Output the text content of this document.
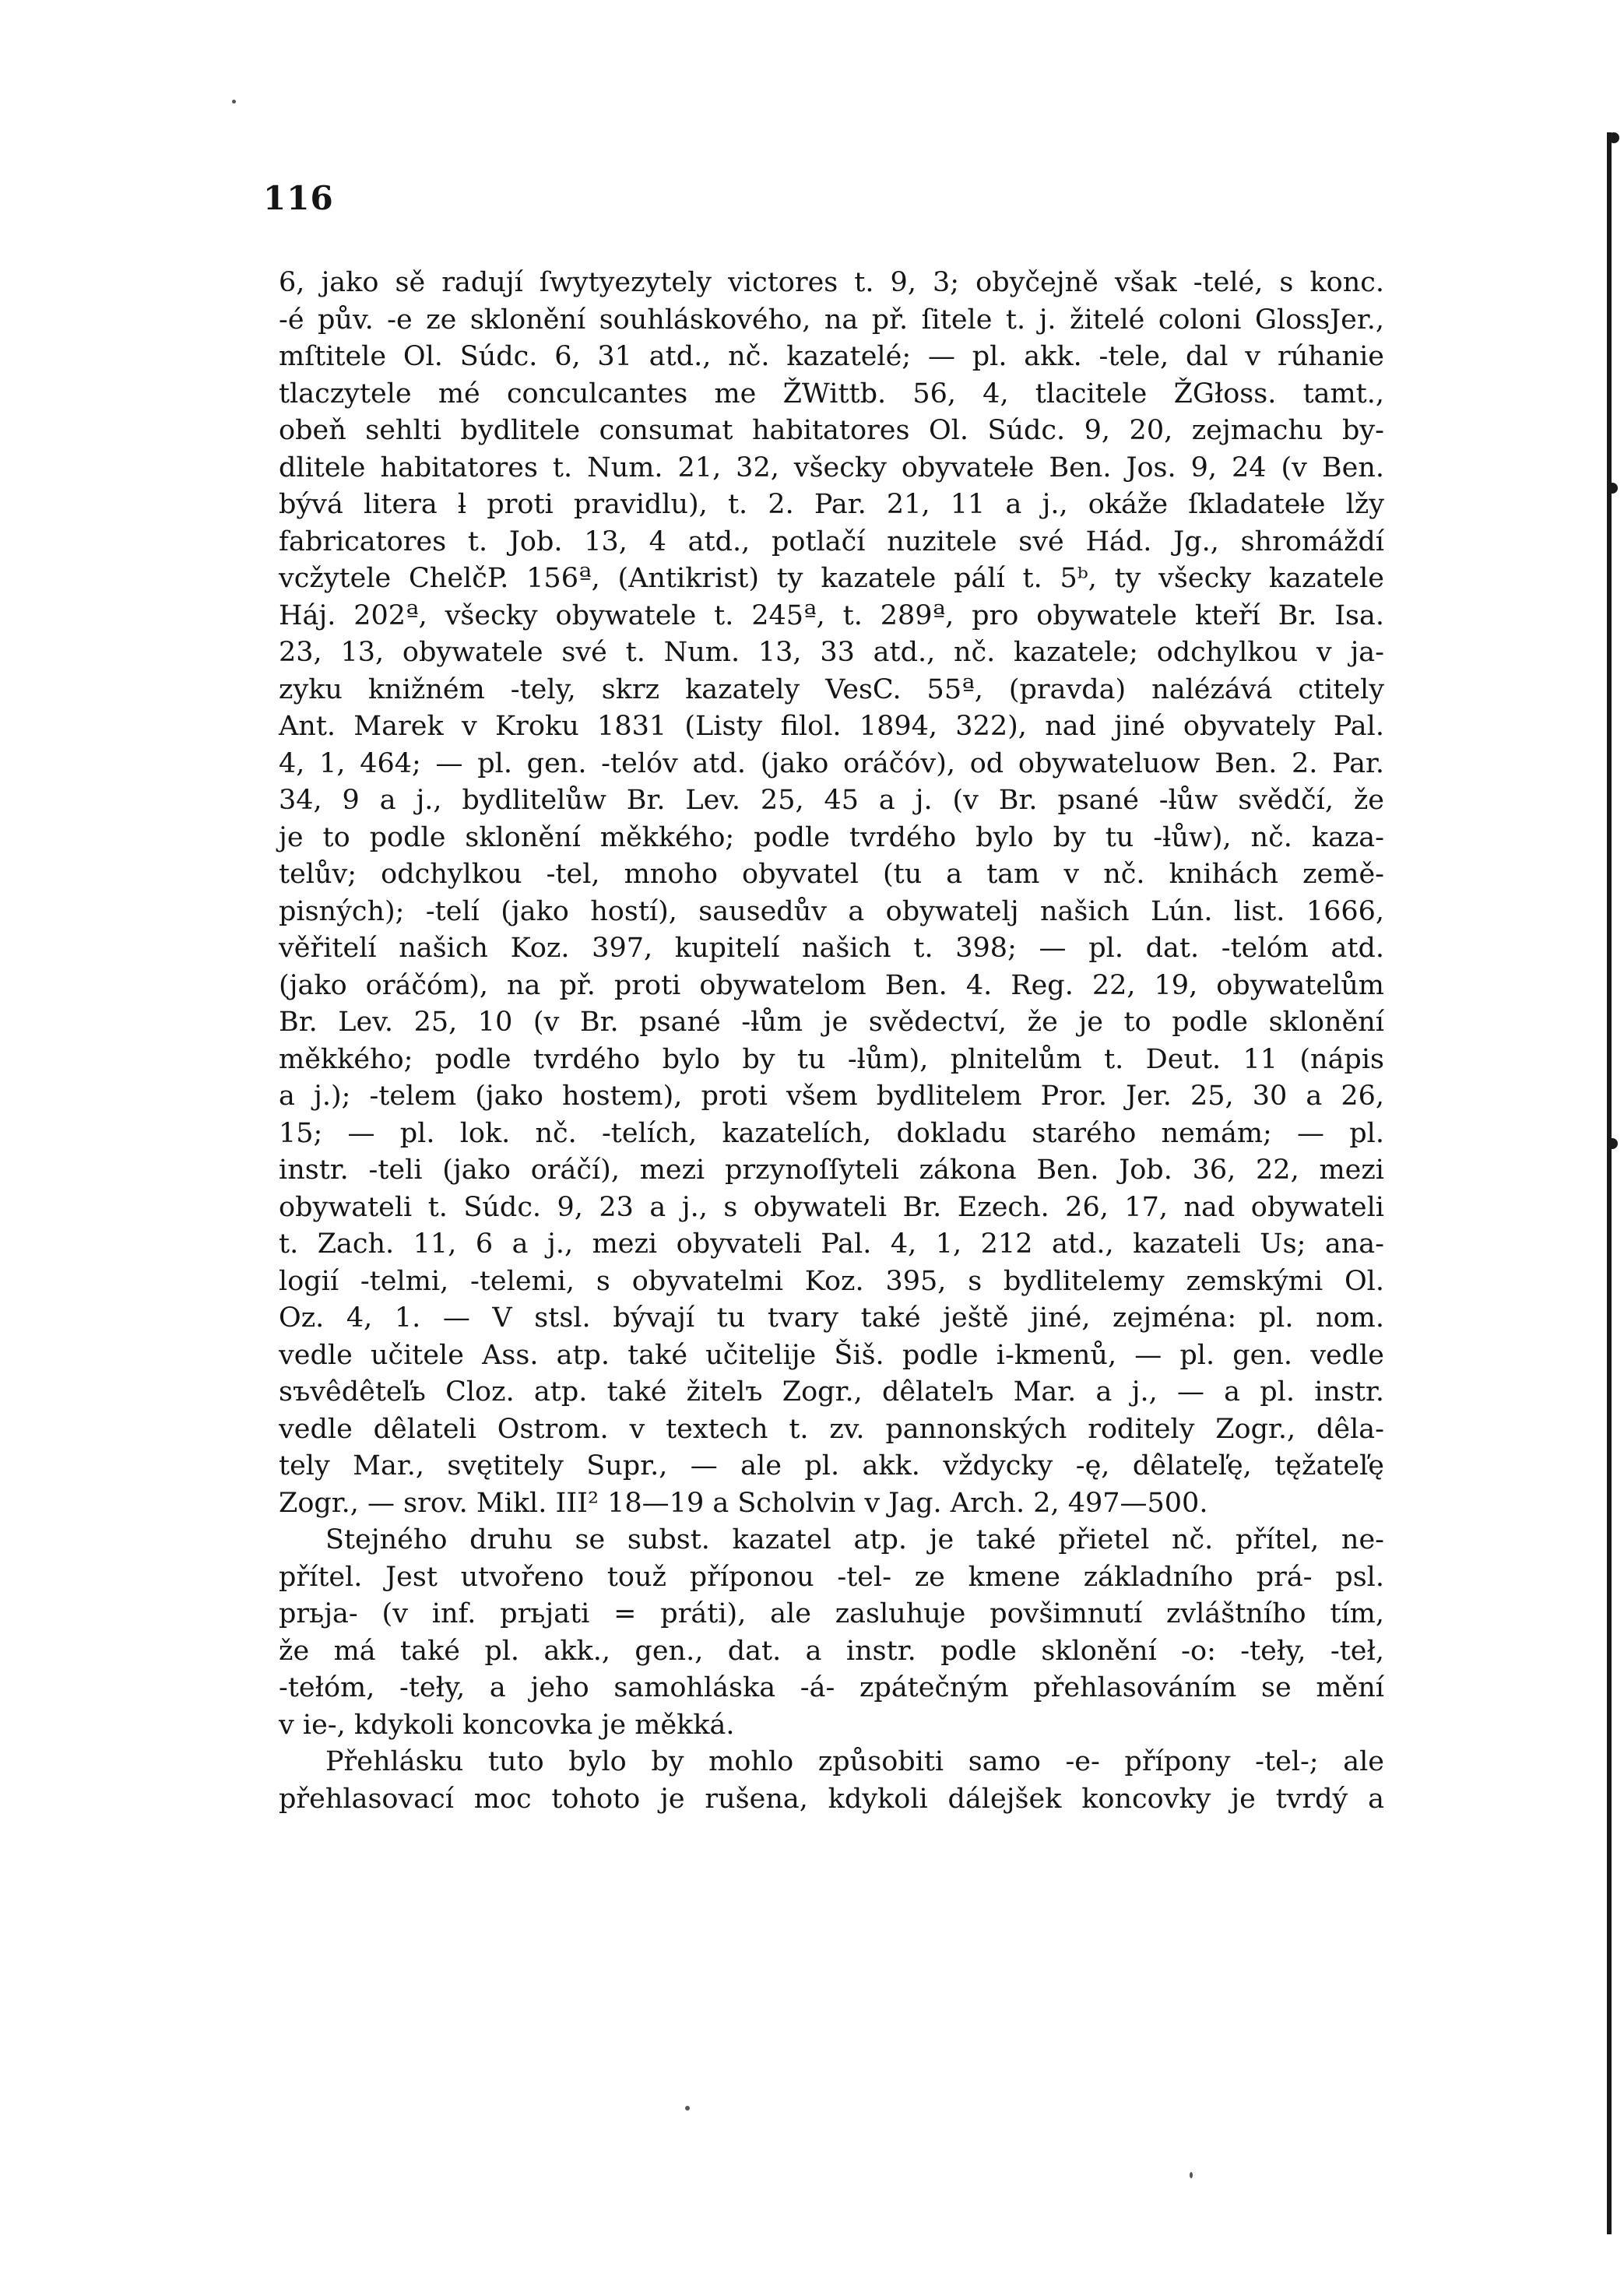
116
6, jako sě radují ſwytyezytely victores t. 9, 3; obyčejně však -telé, s konc.
-é pův. -e ze sklonění souhláskového, na př. ſitele t. j. žitelé coloni GlossJer.,
mſtitele Ol. Súdc. 6, 31 atd., nč. kazatelé; — pl. akk. -tele, dal v rúhanie
tlaczytele mé conculcantes me ŽWittb. 56, 4, tlacitele ŽGłoss. tamt.,
obeň sehlti bydlitele consumat habitatores Ol. Súdc. 9, 20, zejmachu by-
dlitele habitatores t. Num. 21, 32, všecky obyvateƚe Ben. Jos. 9, 24 (v Ben.
bývá litera ƚ proti pravidlu), t. 2. Par. 21, 11 a j., okáže ſkladateƚe lžy
fabricatores t. Job. 13, 4 atd., potlačí nuzitele své Hád. Jg., shromáždí
vcžytele ChelčP. 156ª, (Antikrist) ty kazatele pálí t. 5ᵇ, ty všecky kazatele
Háj. 202ª, všecky obywatele t. 245ª, t. 289ª, pro obywatele kteří Br. Isa.
23, 13, obywatele své t. Num. 13, 33 atd., nč. kazatele; odchylkou v ja-
zyku knižném -tely, skrz kazately VesC. 55ª, (pravda) nalézává ctitely
Ant. Marek v Kroku 1831 (Listy filol. 1894, 322), nad jiné obyvately Pal.
4, 1, 464; — pl. gen. -telóv atd. (jako oráčóv), od obywateluow Ben. 2. Par.
34, 9 a j., bydlitelůw Br. Lev. 25, 45 a j. (v Br. psané -ƚůw svědčí, že
je to podle sklonění měkkého; podle tvrdého bylo by tu -ƚůw), nč. kaza-
telův; odchylkou -tel, mnoho obyvatel (tu a tam v nč. knihách země-
pisných); -telí (jako hostí), sausedův a obywatelj našich Lún. list. 1666,
věřitelí našich Koz. 397, kupitelí našich t. 398; — pl. dat. -telóm atd.
(jako oráčóm), na př. proti obywatelom Ben. 4. Reg. 22, 19, obywatelům
Br. Lev. 25, 10 (v Br. psané -ƚům je svědectví, že je to podle sklonění
měkkého; podle tvrdého bylo by tu -ƚům), plnitelům t. Deut. 11 (nápis
a j.); -telem (jako hostem), proti všem bydlitelem Pror. Jer. 25, 30 a 26,
15; — pl. lok. nč. -telích, kazatelích, dokladu starého nemám; — pl.
instr. -teli (jako oráčí), mezi przynoſſyteli zákona Ben. Job. 36, 22, mezi
obywateli t. Súdc. 9, 23 a j., s obywateli Br. Ezech. 26, 17, nad obywateli
t. Zach. 11, 6 a j., mezi obyvateli Pal. 4, 1, 212 atd., kazateli Us; ana-
logií -telmi, -telemi, s obyvatelmi Koz. 395, s bydlitelemy zemskými Ol.
Oz. 4, 1. — V stsl. bývají tu tvary také ještě jiné, zejména: pl. nom.
vedle učitele Ass. atp. také učitelije Šiš. podle i-kmenů, — pl. gen. vedle
sъvêdêteľь Cloz. atp. také žitelъ Zogr., dêlatelъ Mar. a j., — a pl. instr.
vedle dêlateli Ostrom. v textech t. zv. pannonských roditely Zogr., dêla-
tely Mar., svętitely Supr., — ale pl. akk. vždycky -ę, dêlateľę, tęžateľę
Zogr., — srov. Mikl. III² 18—19 a Scholvin v Jag. Arch. 2, 497—500.
Stejného druhu se subst. kazatel atp. je také přietel nč. přítel, ne-
přítel. Jest utvořeno touž příponou -tel- ze kmene základního prá- psl.
prьja- (v inf. prьjati = práti), ale zasluhuje povšimnutí zvláštního tím,
že má také pl. akk., gen., dat. a instr. podle sklonění -o: -teły, -teł,
-tełóm, -teły, a jeho samohláska -á- zpátečným přehlasováním se mění
v ie-, kdykoli koncovka je měkká.
Přehlásku tuto bylo by mohlo způsobiti samo -e- přípony -tel-; ale
přehlasovací moc tohoto je rušena, kdykoli dálejšek koncovky je tvrdý a
